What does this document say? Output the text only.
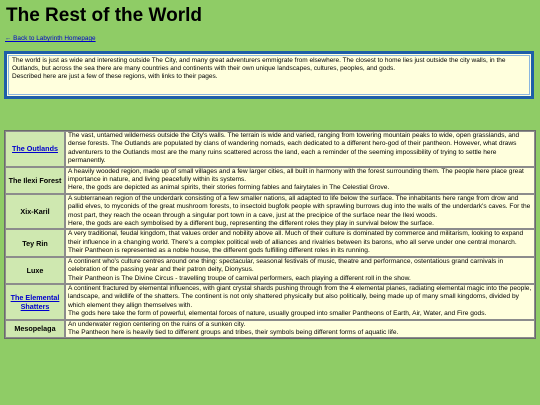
The Rest of the World
← Back to Labyrinth Homepage

The world is just as wide and interesting outside The City, and many great adventurers emmigrate from elsewhere. The closest to home lies just outside the city walls, in the Outlands, but across the sea there are many countries and continents with their own unique landscapes, cultures, peoples, and gods.

Described here are just a few of these regions, with links to their pages.

The Outlands	The vast, untamed wilderness outside the City's walls. The terrain is wide and varied, ranging from towering mountain peaks to wide, open grasslands, and dense forests. The Outlands are populated by clans of wandering nomads, each dedicated to a different hero-god of their pantheon. However, what draws adventurers to the Outlands most are the many ruins scattered across the land, each a reminder of the seeming impossibility of trying to settle here permanently.

The Ilexi Forest	A heavily wooded region, made up of small villages and a few larger cities, all built in harmony with the forest surrounding them. The people here place great importance in nature, and living peacefully within its systems.

Here, the gods are depicted as animal spirits, their stories forming fables and fairytales in The Celestial Grove.

Xix-Karil	A subterranean region of the underdark consisting of a few smaller nations, all adapted to life below the surface. The inhabitants here range from drow and pallid elves, to myconids of the great mushroom forests, to insectoid bugfolk people with sprawling burrows dug into the walls of the underdark's caves. For the most part, they reach the ocean through a singular port town in a cave, just at the precipice of the surface near the Ilexi woods.

Here, the gods are each symbolised by a different bug, representing the different roles they play in survival below the surface.

Tey Rin	A very traditional, feudal kingdom, that values order and nobility above all. Much of their culture is dominated by commerce and militarism, looking to expand their influence in a changing world. There's a complex political web of alliances and rivalries between its barons, who all serve under one central monarch.

Their Pantheon is represented as a noble house, the different gods fulfilling different roles in its running.

Luxe	A continent who's culture centres around one thing: spectacular, seasonal festivals of music, theatre and performance, ostentatious grand carnivals in celebration of the passing year and their patron deity, Dionysus.

Their Pantheon is The Divine Circus - travelling troupe of carnival performers, each playing a different roll in the show.

The Elemental Shatters	A continent fractured by elemental influences, with giant crystal shards pushing through from the 4 elemental planes, radiating elemental magic into the people, landscape, and wildlife of the shatters. The continent is not only shattered physically but also politically, being made up of many small kingdoms, divided by which element they allign themselves with.

The gods here take the form of powerful, elemental forces of nature, usually grouped into smaller Pantheons of Earth, Air, Water, and Fire gods.

Mesopelaga	An underwater region centering on the ruins of a sunken city.

The Pantheon here is heavily tied to different groups and tribes, their symbols being different forms of aquatic life.
